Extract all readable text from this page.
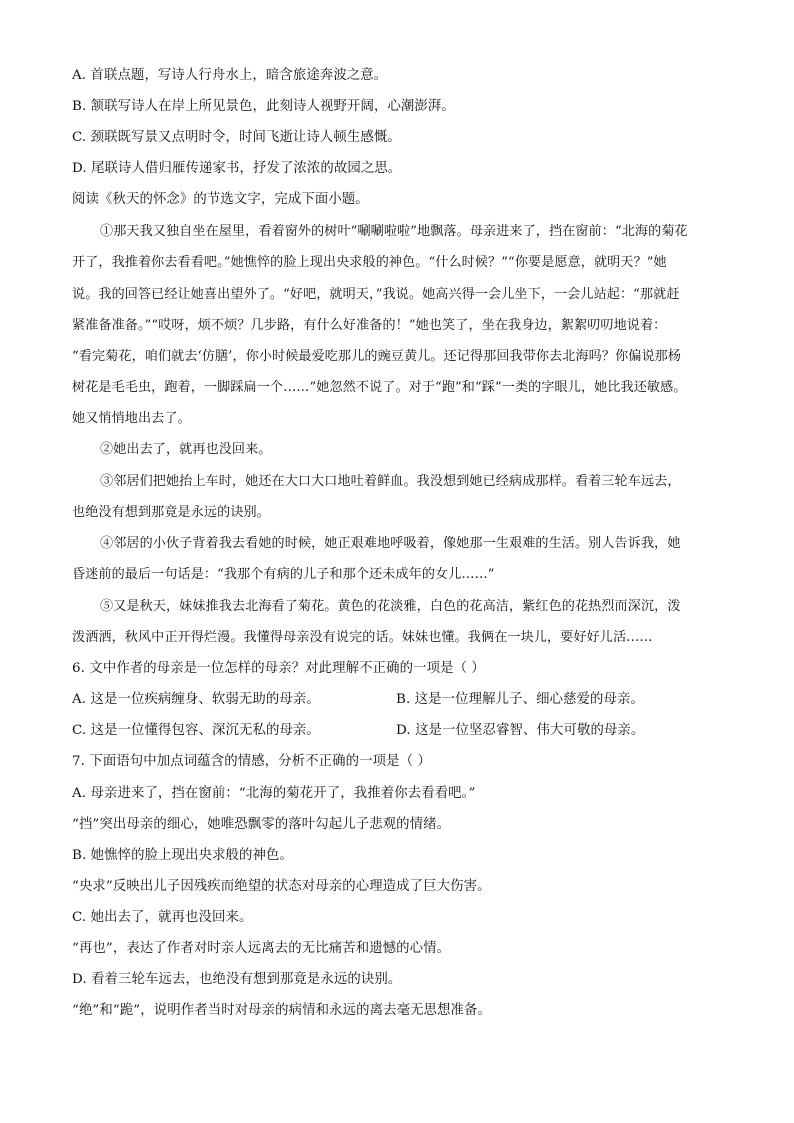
A. 首联点题，写诗人行舟水上，暗含旅途奔波之意。
B. 颔联写诗人在岸上所见景色，此刻诗人视野开阔，心潮澎湃。
C. 颈联既写景又点明时令，时间飞逝让诗人顿生感慨。
D. 尾联诗人借归雁传递家书，抒发了浓浓的故园之思。
阅读《秋天的怀念》的节选文字，完成下面小题。
①那天我又独自坐在屋里，看着窗外的树叶“唰唰啦啦”地飘落。母亲进来了，挡在窗前：“北海的菊花
开了，我推着你去看看吧。”她憔悴的脸上现出央求般的神色。“什么时候？”“你要是愿意，就明天？”她
说。我的回答已经让她喜出望外了。“好吧，就明天，”我说。她高兴得一会儿坐下，一会儿站起：“那就赶
紧准备准备。”“哎呀，烦不烦？几步路，有什么好准备的！”她也笑了，坐在我身边，絮絮叨叨地说着：
“看完菊花，咱们就去‘仿膳’，你小时候最爱吃那儿的豌豆黄儿。还记得那回我带你去北海吗？你偏说那杨
树花是毛毛虫，跑着，一脚踩扁一个……”她忽然不说了。对于“跑”和“踩”一类的字眼儿，她比我还敏感。
她又悄悄地出去了。
②她出去了，就再也没回来。
③邻居们把她抬上车时，她还在大口大口地吐着鲜血。我没想到她已经病成那样。看着三轮车远去，
也绝没有想到那竟是永远的诀别。
④邻居的小伙子背着我去看她的时候，她正艰难地呼吸着，像她那一生艰难的生活。别人告诉我，她
昏迷前的最后一句话是：“我那个有病的儿子和那个还未成年的女儿……”
⑤又是秋天，妹妹推我去北海看了菊花。黄色的花淡雅，白色的花高洁，紫红色的花热烈而深沉，泼
泼洒洒，秋风中正开得烂漫。我懂得母亲没有说完的话。妹妹也懂。我俩在一块儿，要好好儿活……
6. 文中作者的母亲是一位怎样的母亲？对此理解不正确的一项是（ ）
A. 这是一位疾病缠身、软弱无助的母亲。	B. 这是一位理解儿子、细心慈爱的母亲。
C. 这是一位懂得包容、深沉无私的母亲。	D. 这是一位坚忍睿智、伟大可敬的母亲。
7. 下面语句中加点词蕴含的情感，分析不正确的一项是（ ）
A. 母亲进来了，挡在窗前：“北海的菊花开了，我推着你去看看吧。”
“挡”突出母亲的细心，她唯恐飘零的落叶勾起儿子悲观的情绪。
B. 她憔悴的脸上现出央求般的神色。
“央求”反映出儿子因残疾而绝望的状态对母亲的心理造成了巨大伤害。
C. 她出去了，就再也没回来。
“再也”，表达了作者对时亲人远离去的无比痛苦和遗憾的心情。
D. 看着三轮车远去，也绝没有想到那竟是永远的诀别。
“绝”和“跪”，说明作者当时对母亲的病情和永远的离去毫无思想准备。
